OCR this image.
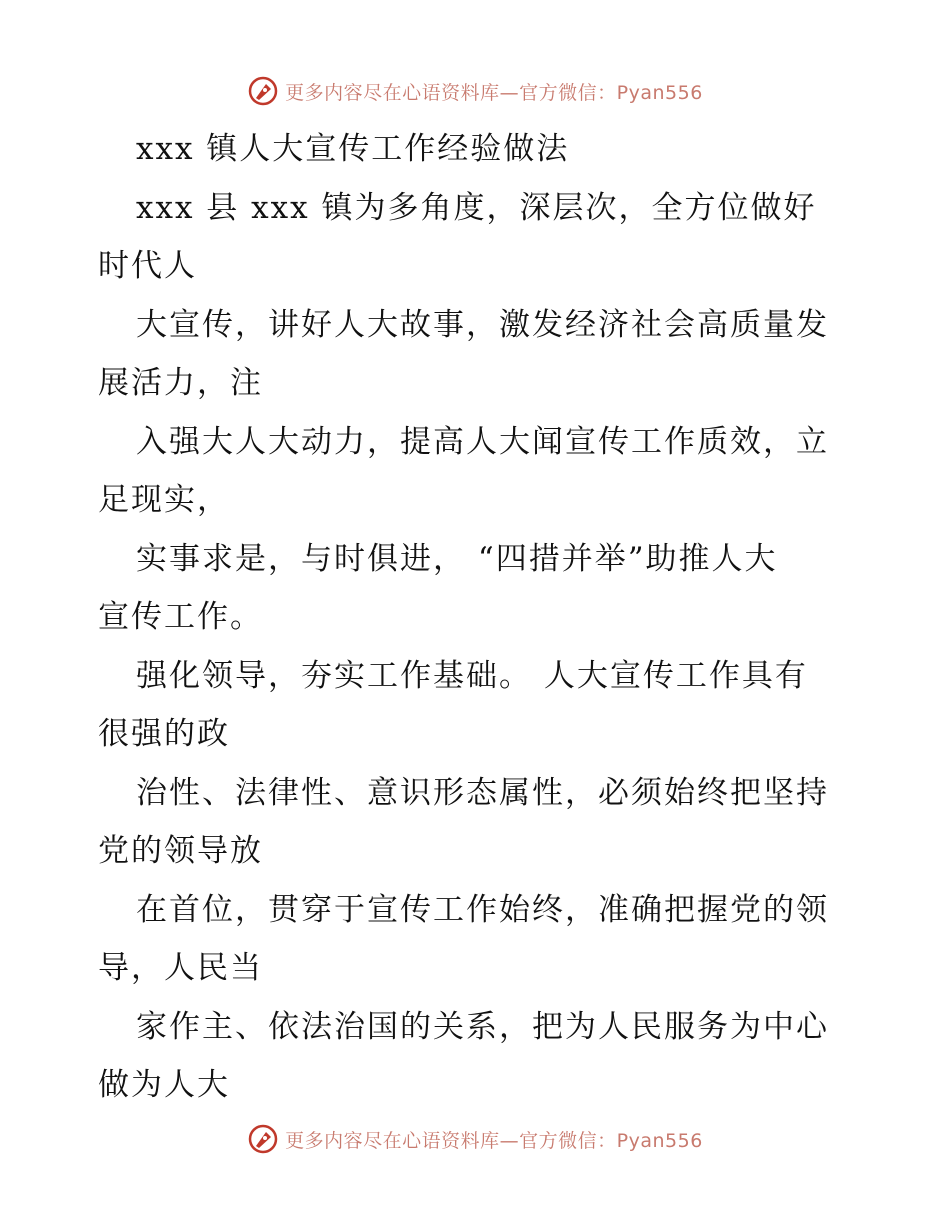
更多内容尽在心语资料库—官方微信：Pyan556
xxx 镇人大宣传工作经验做法
xxx 县 xxx 镇为多角度，深层次，全方位做好
时代人
大宣传，讲好人大故事，激发经济社会高质量发
展活力，注
入强大人大动力，提高人大闻宣传工作质效，立
足现实，
实事求是，与时俱进， “四措并举”助推人大
宣传工作。
强化领导，夯实工作基础。 人大宣传工作具有
很强的政
治性、法律性、意识形态属性，必须始终把坚持
党的领导放
在首位，贯穿于宣传工作始终，准确把握党的领
导，人民当
家作主、依法治国的关系，把为人民服务为中心
做为人大
更多内容尽在心语资料库—官方微信：Pyan556
